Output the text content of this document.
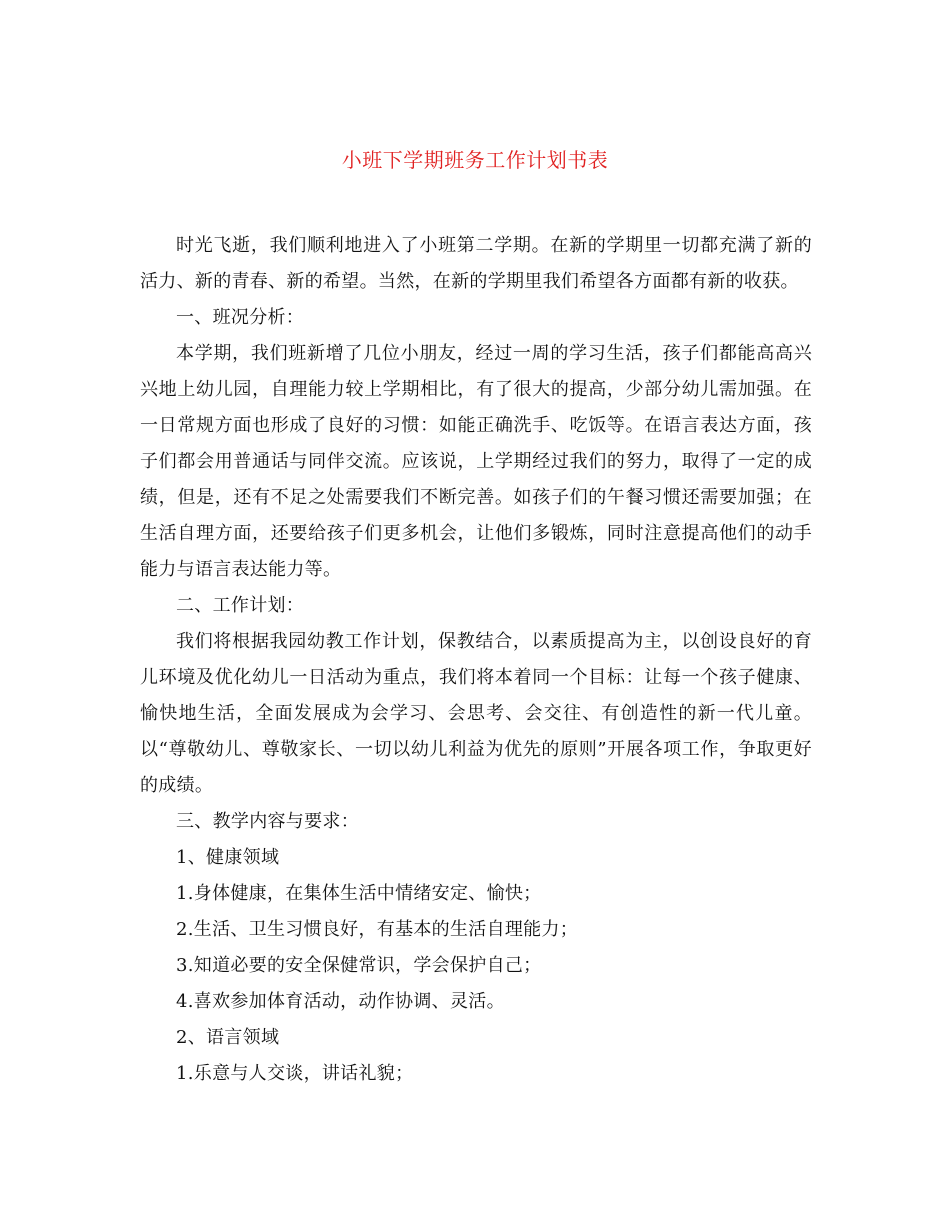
小班下学期班务工作计划书表

时光飞逝，我们顺利地进入了小班第二学期。在新的学期里一切都充满了新的活力、新的青春、新的希望。当然，在新的学期里我们希望各方面都有新的收获。

一、班况分析：

本学期，我们班新增了几位小朋友，经过一周的学习生活，孩子们都能高高兴兴地上幼儿园，自理能力较上学期相比，有了很大的提高，少部分幼儿需加强。在一日常规方面也形成了良好的习惯：如能正确洗手、吃饭等。在语言表达方面，孩子们都会用普通话与同伴交流。应该说，上学期经过我们的努力，取得了一定的成绩，但是，还有不足之处需要我们不断完善。如孩子们的午餐习惯还需要加强；在生活自理方面，还要给孩子们更多机会，让他们多锻炼，同时注意提高他们的动手能力与语言表达能力等。

二、工作计划：

我们将根据我园幼教工作计划，保教结合，以素质提高为主，以创设良好的育儿环境及优化幼儿一日活动为重点，我们将本着同一个目标：让每一个孩子健康、愉快地生活，全面发展成为会学习、会思考、会交往、有创造性的新一代儿童。以“尊敬幼儿、尊敬家长、一切以幼儿利益为优先的原则”开展各项工作，争取更好的成绩。

三、教学内容与要求：

1、健康领域

1.身体健康，在集体生活中情绪安定、愉快；

2.生活、卫生习惯良好，有基本的生活自理能力；

3.知道必要的安全保健常识，学会保护自己；

4.喜欢参加体育活动，动作协调、灵活。

2、语言领域

1.乐意与人交谈，讲话礼貌；
